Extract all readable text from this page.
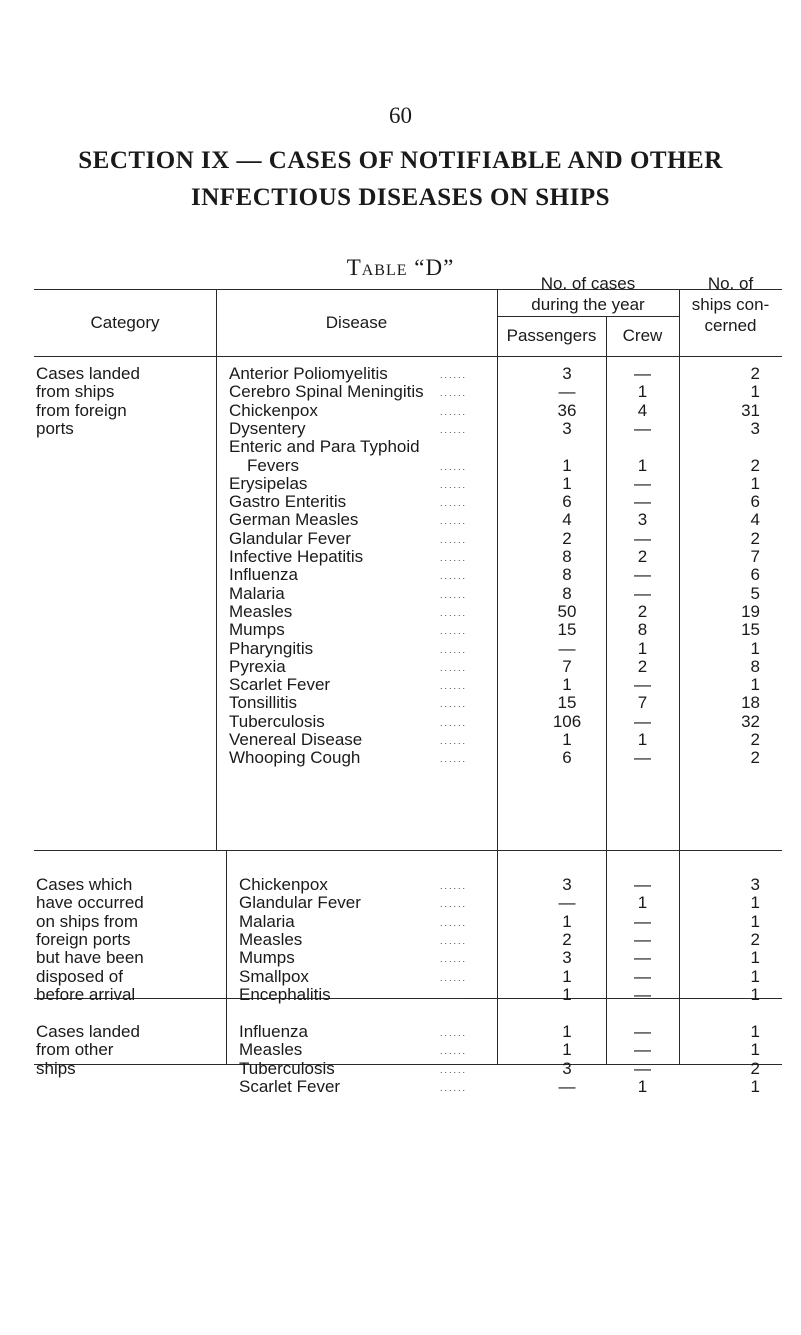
60
SECTION IX — CASES OF NOTIFIABLE AND OTHER
INFECTIOUS DISEASES ON SHIPS
Table “D”
Category	Disease
No. of cases
during the year
Passengers	Crew
No. of
ships con-
cerned
Cases landed
from ships
from foreign
ports
Anterior Poliomyelitis	......	3	—	2
Cerebro Spinal Meningitis ......	—	1	1
Chickenpox	......	36	4	31
Dysentery	......	3	—	3
Enteric and Para Typhoid
Fevers	......	1	1	2
Erysipelas	......	1	—	1
Gastro Enteritis	......	6	—	6
German Measles	......	4	3	4
Glandular Fever	......	2	—	2
Infective Hepatitis	......	8	2	7
Influenza	......	8	—	6
Malaria	......	8	—	5
Measles	......	50	2	19
Mumps	......	15	8	15
Pharyngitis	......	—	1	1
Pyrexia	......	7	2	8
Scarlet Fever	......	1	—	1
Tonsillitis	......	15	7	18
Tuberculosis	......	106	—	32
Venereal Disease	......	1	1	2
Whooping Cough	......	6	—	2
Cases which
have occurred
on ships from
foreign ports
but have been
disposed of
before arrival
Chickenpox	......	3	—	3
Glandular Fever	......	—	1	1
Malaria	......	1	—	1
Measles	......	2	—	2
Mumps	......	3	—	1
Smallpox	......	1	—	1
Encephalitis	......	1	—	1
Cases landed
from other
ships
Influenza	......	1	—	1
Measles	......	1	—	1
Tuberculosis	......	3	—	2
Scarlet Fever	......	—	1	1
